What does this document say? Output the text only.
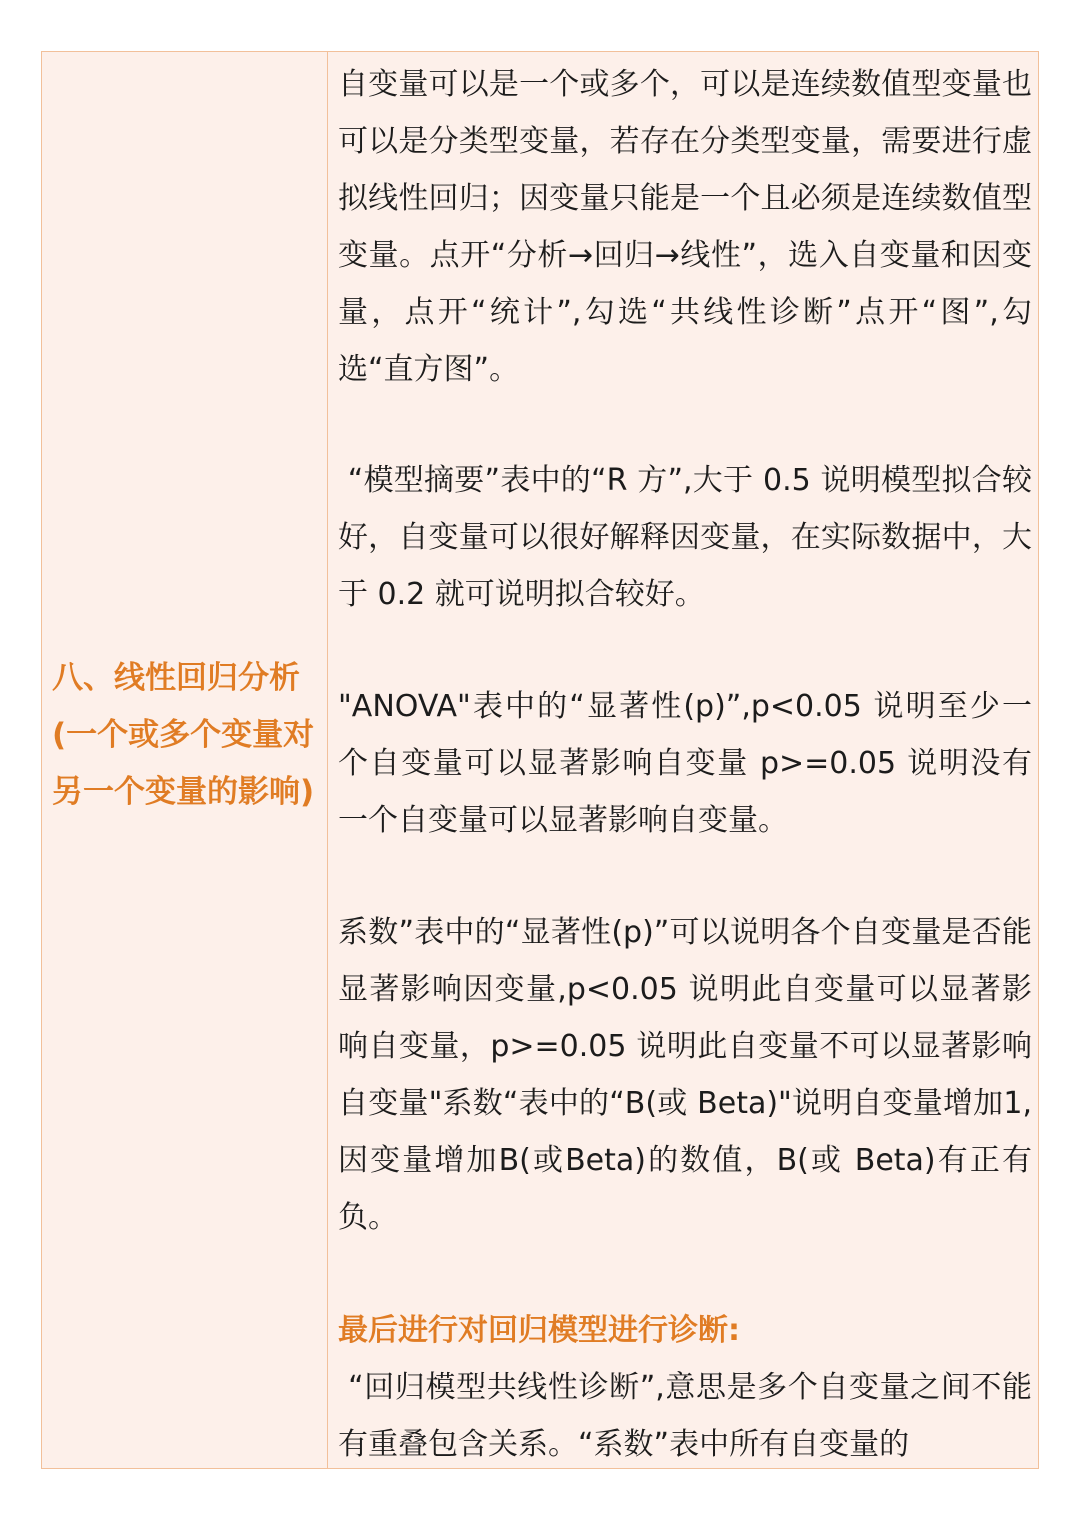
八、线性回归分析(一个或多个变量对另一个变量的影响)

自变量可以是一个或多个，可以是连续数值型变量也可以是分类型变量，若存在分类型变量，需要进行虚拟线性回归；因变量只能是一个且必须是连续数值型变量。点开“分析→回归→线性”，选入自变量和因变量，点开“统计”,勾选“共线性诊断”点开“图”,勾选“直方图”。

“模型摘要”表中的“R 方”,大于 0.5 说明模型拟合较好，自变量可以很好解释因变量，在实际数据中，大于 0.2 就可说明拟合较好。

"ANOVA"表中的“显著性(p)”,p<0.05 说明至少一个自变量可以显著影响自变量 p>=0.05 说明没有一个自变量可以显著影响自变量。

系数”表中的“显著性(p)”可以说明各个自变量是否能显著影响因变量,p<0.05 说明此自变量可以显著影响自变量，p>=0.05 说明此自变量不可以显著影响自变量"系数“表中的“B(或 Beta)"说明自变量增加1,因变量增加B(或Beta)的数值，B(或 Beta)有正有负。

最后进行对回归模型进行诊断:

“回归模型共线性诊断”,意思是多个自变量之间不能有重叠包含关系。“系数”表中所有自变量的
